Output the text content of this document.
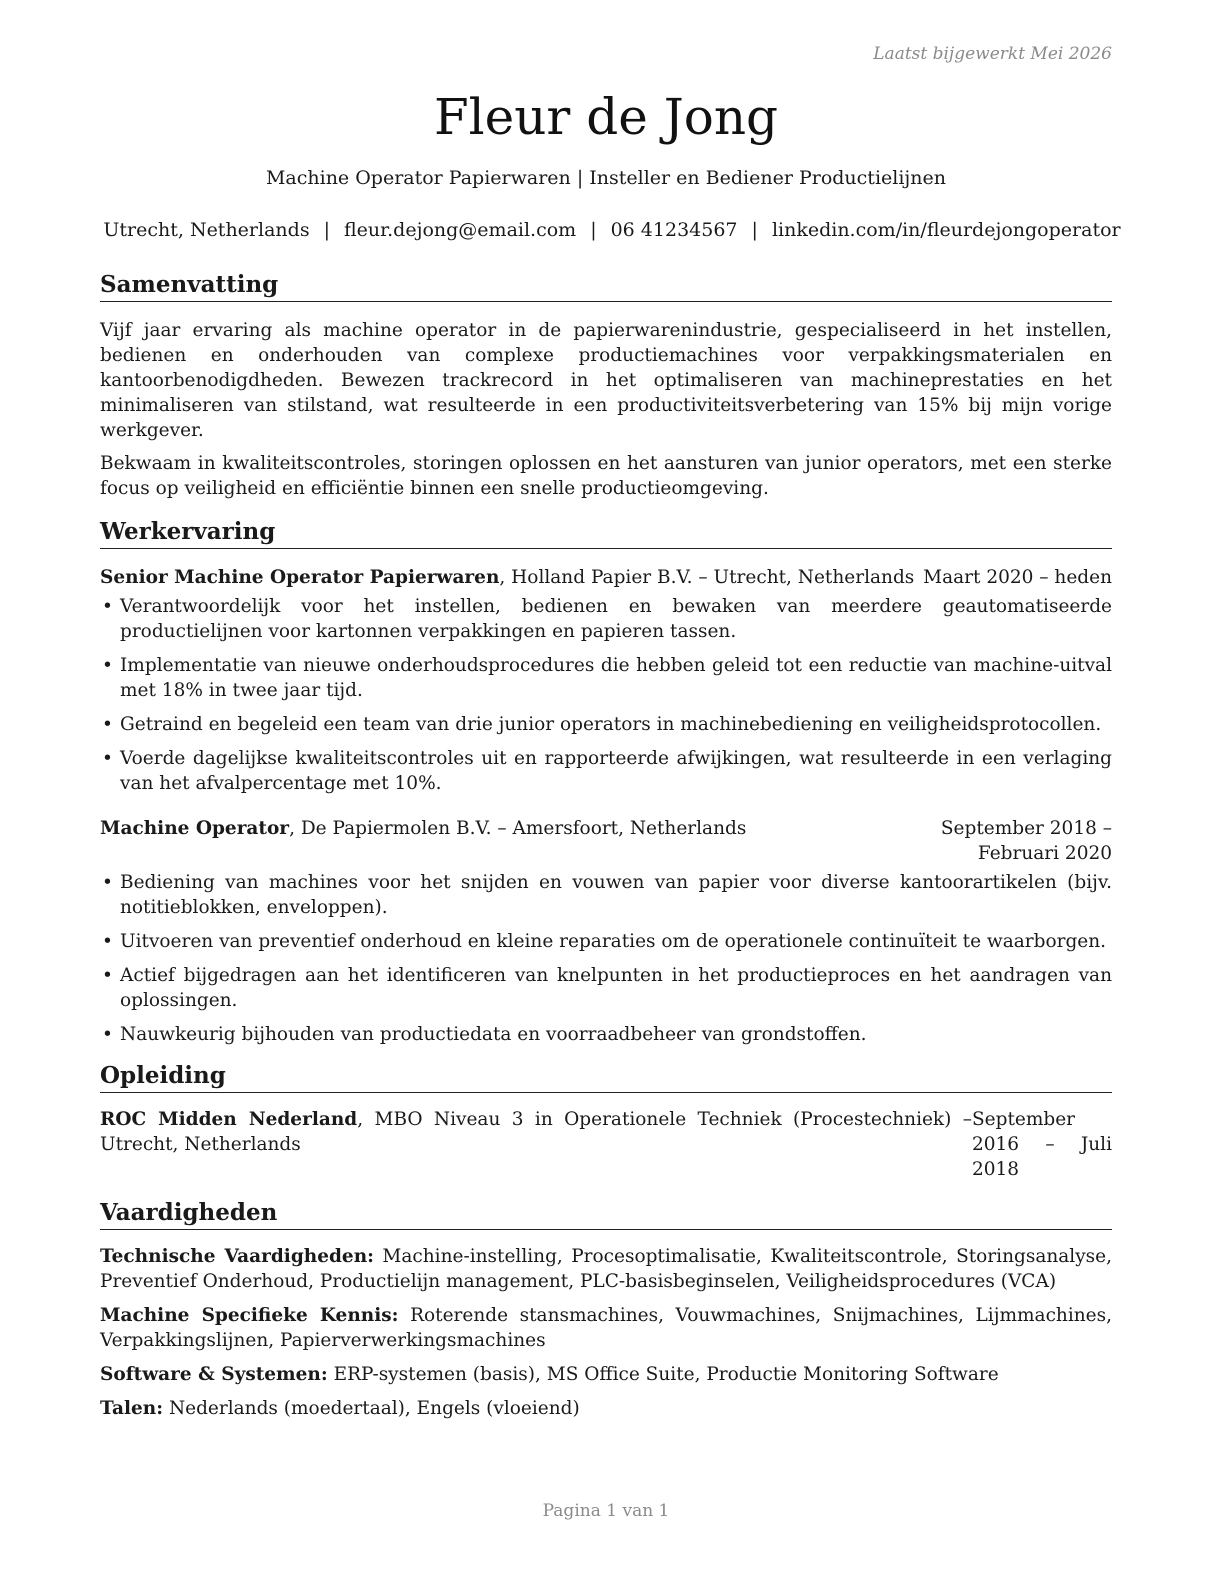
Laatst bijgewerkt Mei 2026
Fleur de Jong
Machine Operator Papierwaren | Insteller en Bediener Productielijnen
Utrecht, Netherlands | fleur.dejong@email.com | 06 41234567 | linkedin.com/in/fleurdejongoperator
Samenvatting

Vijf jaar ervaring als machine operator in de papierwarenindustrie, gespecialiseerd in het instellen, bedienen en onderhouden van complexe productiemachines voor verpakkingsmaterialen en kantoorbenodigdheden. Bewezen trackrecord in het optimaliseren van machineprestaties en het minimaliseren van stilstand, wat resulteerde in een productiviteitsverbetering van 15% bij mijn vorige werkgever.

Bekwaam in kwaliteitscontroles, storingen oplossen en het aansturen van junior operators, met een sterke focus op veiligheid en efficiëntie binnen een snelle productieomgeving.

Werkervaring
Senior Machine Operator Papierwaren, Holland Papier B.V. – Utrecht, Netherlands Maart 2020 – heden
• Verantwoordelijk voor het instellen, bedienen en bewaken van meerdere geautomatiseerde productielijnen voor kartonnen verpakkingen en papieren tassen.
• Implementatie van nieuwe onderhoudsprocedures die hebben geleid tot een reductie van machine-uitval met 18% in twee jaar tijd.
• Getraind en begeleid een team van drie junior operators in machinebediening en veiligheidsprotocollen.
• Voerde dagelijkse kwaliteitscontroles uit en rapporteerde afwijkingen, wat resulteerde in een verlaging van het afvalpercentage met 10%.
Machine Operator, De Papiermolen B.V. – Amersfoort, Netherlands	September 2018 – Februari 2020
• Bediening van machines voor het snijden en vouwen van papier voor diverse kantoorartikelen (bijv. notitieblokken, enveloppen).
• Uitvoeren van preventief onderhoud en kleine reparaties om de operationele continuïteit te waarborgen.
• Actief bijgedragen aan het identificeren van knelpunten in het productieproces en het aandragen van oplossingen.
• Nauwkeurig bijhouden van productiedata en voorraadbeheer van grondstoffen.
Opleiding
ROC Midden Nederland, MBO Niveau 3 in Operationele Techniek (Procestechniek) – Utrecht, Netherlands
September 2016 – Juli 2018
Vaardigheden
Technische Vaardigheden: Machine-instelling, Procesoptimalisatie, Kwaliteitscontrole, Storingsanalyse, Preventief Onderhoud, Productielijn management, PLC-basisbeginselen, Veiligheidsprocedures (VCA)
Machine Specifieke Kennis: Roterende stansmachines, Vouwmachines, Snijmachines, Lijmmachines, Verpakkingslijnen, Papierverwerkingsmachines
Software & Systemen: ERP-systemen (basis), MS Office Suite, Productie Monitoring Software
Talen: Nederlands (moedertaal), Engels (vloeiend)
Pagina 1 van 1
